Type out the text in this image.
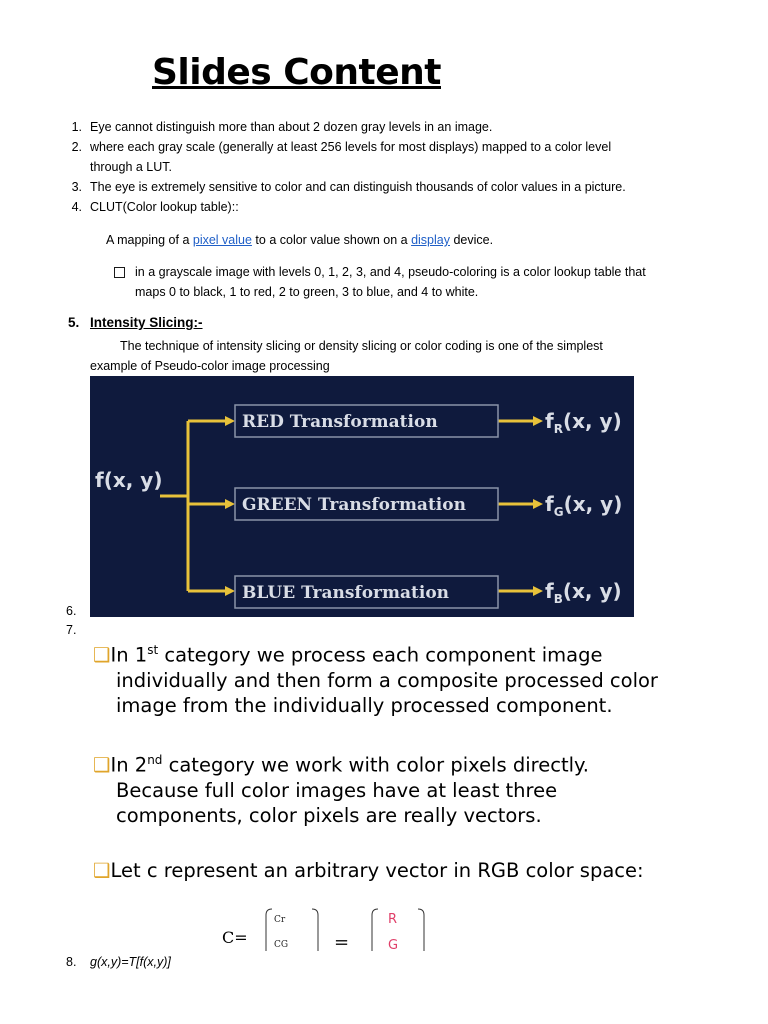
Slides Content
1. Eye cannot distinguish more than about 2 dozen gray levels in an image.
2. where each gray scale (generally at least 256 levels for most displays) mapped to a color level
through a LUT.
3. The eye is extremely sensitive to color and can distinguish thousands of color values in a picture.
4. CLUT(Color lookup table)::
A mapping of a pixel value to a color value shown on a display device.
in a grayscale image with levels 0, 1, 2, 3, and 4, pseudo-coloring is a color lookup table that
maps 0 to black, 1 to red, 2 to green, 3 to blue, and 4 to white.
5. Intensity Slicing:-
The technique of intensity slicing or density slicing or color coding is one of the simplest
example of Pseudo-color image processing
RED Transformation
GREEN Transformation
BLUE Transformation
f(x, y)
$f_R(x$, y)
$f_G(x$, y)
$f_B(x$, y)
6.
7.
❑In 1st category we process each component image
individually and then form a composite processed color
image from the individually processed component.
❑In 2nd category we work with color pixels directly.
Because full color images have at least three
components, color pixels are really vectors.
❑Let c represent an arbitrary vector in RGB color space:
C=
Cr
CG	=
R
G
8. g(x,y)=T[f(x,y)]
